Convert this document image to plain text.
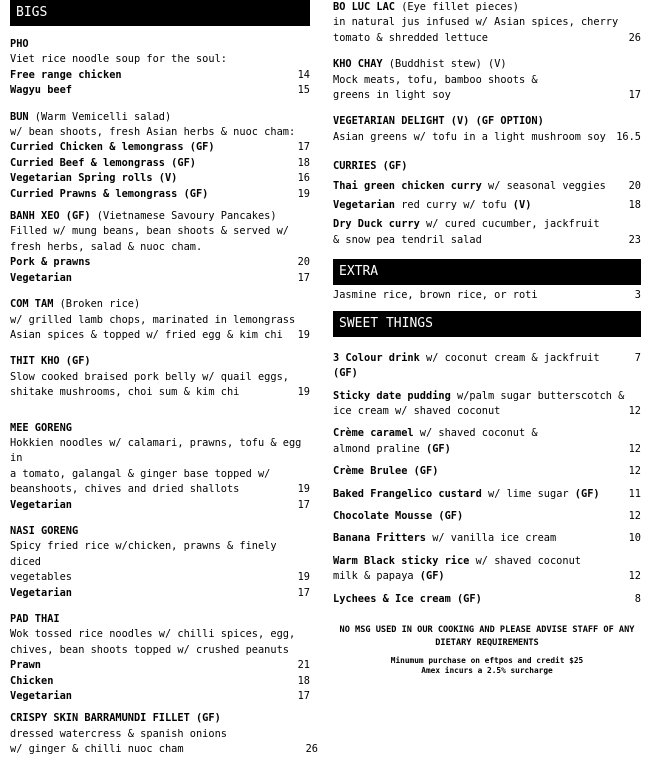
BIGS
PHO
Viet rice noodle soup for the soul:
Free range chicken	14
Wagyu beef	15
BUN (Warm Vemicelli salad)
w/ bean shoots, fresh Asian herbs & nuoc cham:
Curried Chicken & lemongrass (GF)	17
Curried Beef & lemongrass (GF)	18
Vegetarian Spring rolls (V)	16
Curried Prawns & lemongrass (GF)	19
BANH XEO (GF) (Vietnamese Savoury Pancakes)
Filled w/ mung beans, bean shoots & served w/
fresh herbs, salad & nuoc cham.
Pork & prawns	20
Vegetarian	17
COM TAM (Broken rice)
w/ grilled lamb chops, marinated in lemongrass
Asian spices & topped w/ fried egg & kim chi	19
THIT KHO (GF)
Slow cooked braised pork belly w/ quail eggs,
shitake mushrooms, choi sum & kim chi	19
MEE GORENG
Hokkien noodles w/ calamari, prawns, tofu & egg in
a tomato, galangal & ginger base topped w/
beanshoots, chives and dried shallots	19
Vegetarian	17
NASI GORENG
Spicy fried rice w/chicken, prawns & finely diced
vegetables	19
Vegetarian	17
PAD THAI
Wok tossed rice noodles w/ chilli spices, egg,
chives, bean shoots topped w/ crushed peanuts
Prawn	21
Chicken	18
Vegetarian	17
CRISPY SKIN BARRAMUNDI FILLET (GF)
dressed watercress & spanish onions
w/ ginger & chilli nuoc cham	26
BO LUC LAC (Eye fillet pieces)
in natural jus infused w/ Asian spices, cherry
tomato & shredded lettuce	26
KHO CHAY (Buddhist stew) (V)
Mock meats, tofu, bamboo shoots &
greens in light soy	17
VEGETARIAN DELIGHT (V) (GF OPTION)
Asian greens w/ tofu in a light mushroom soy	16.5
CURRIES (GF)
Thai green chicken curry w/ seasonal veggies	20
Vegetarian red curry w/ tofu (V)	18
Dry Duck curry w/ cured cucumber, jackfruit
& snow pea tendril salad	23
EXTRA
Jasmine rice, brown rice, or roti	3
SWEET THINGS
3 Colour drink w/ coconut cream & jackfruit (GF)
7
Sticky date pudding w/palm sugar butterscotch &
ice cream w/ shaved coconut	12
Crème caramel w/ shaved coconut &
almond praline (GF)	12
Crème Brulee (GF)	12
Baked Frangelico custard w/ lime sugar (GF)	11
Chocolate Mousse (GF)	12
Banana Fritters w/ vanilla ice cream	10
Warm Black sticky rice w/ shaved coconut
milk & papaya (GF)	12
Lychees & Ice cream (GF)	8
NO MSG USED IN OUR COOKING AND PLEASE ADVISE STAFF OF ANY
DIETARY REQUIREMENTS
Minumum purchase on eftpos and credit $25
Amex incurs a 2.5% surcharge
